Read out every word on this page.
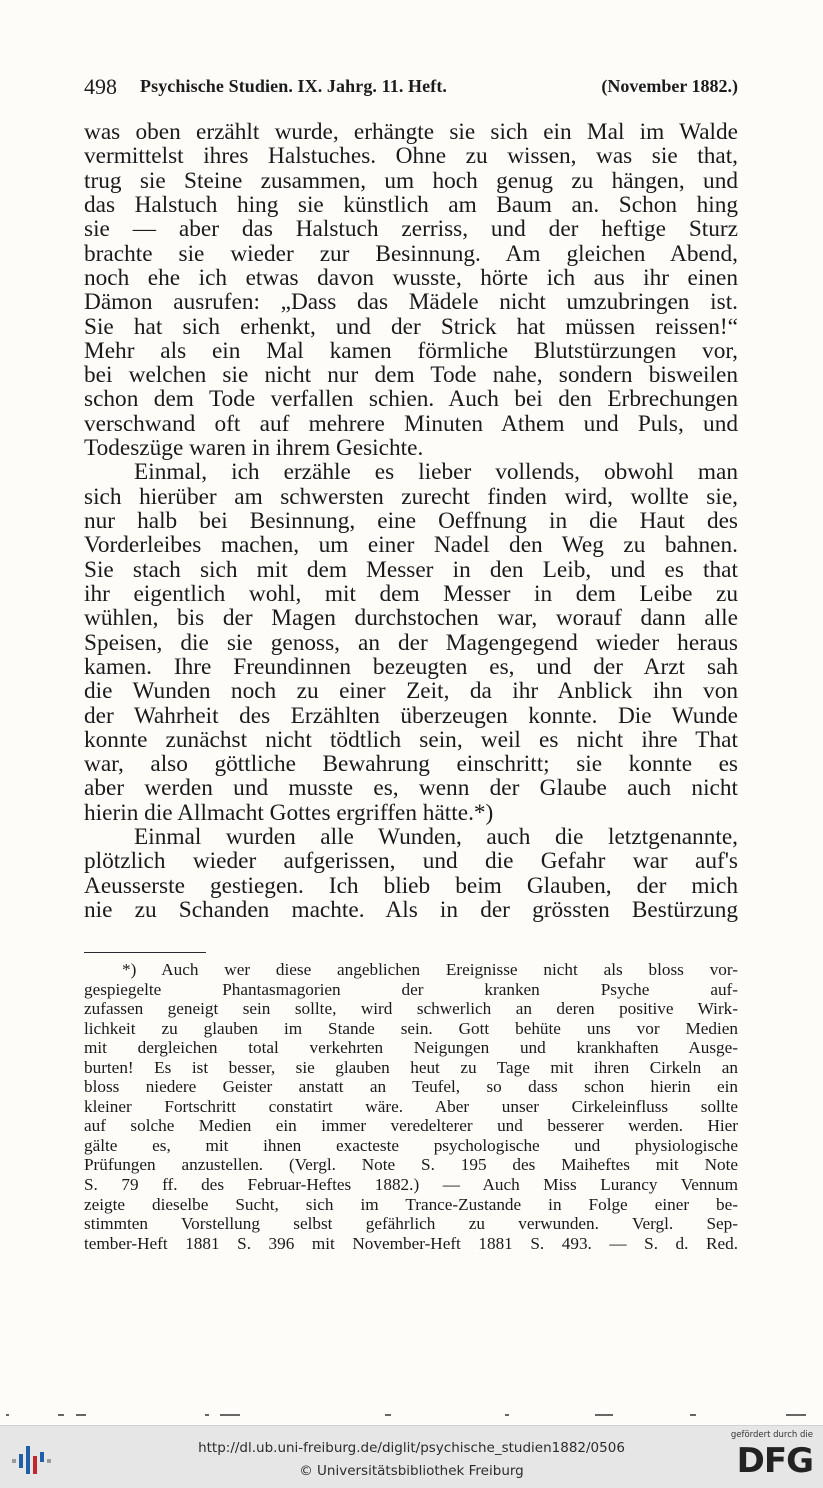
498 Psychische Studien. IX. Jahrg. 11. Heft.	(November 1882.)
was oben erzählt wurde, erhängte sie sich ein Mal im Walde
vermittelst ihres Halstuches. Ohne zu wissen, was sie that,
trug sie Steine zusammen, um hoch genug zu hängen, und
das Halstuch hing sie künstlich am Baum an. Schon hing
sie — aber das Halstuch zerriss, und der heftige Sturz
brachte sie wieder zur Besinnung. Am gleichen Abend,
noch ehe ich etwas davon wusste, hörte ich aus ihr einen
Dämon ausrufen: „Dass das Mädele nicht umzubringen ist.
Sie hat sich erhenkt, und der Strick hat müssen reissen!“
Mehr als ein Mal kamen förmliche Blutstürzungen vor,
bei welchen sie nicht nur dem Tode nahe, sondern bisweilen
schon dem Tode verfallen schien. Auch bei den Erbrechungen
verschwand oft auf mehrere Minuten Athem und Puls, und
Todeszüge waren in ihrem Gesichte.
Einmal, ich erzähle es lieber vollends, obwohl man
sich hierüber am schwersten zurecht finden wird, wollte sie,
nur halb bei Besinnung, eine Oeffnung in die Haut des
Vorderleibes machen, um einer Nadel den Weg zu bahnen.
Sie stach sich mit dem Messer in den Leib, und es that
ihr eigentlich wohl, mit dem Messer in dem Leibe zu
wühlen, bis der Magen durchstochen war, worauf dann alle
Speisen, die sie genoss, an der Magengegend wieder heraus
kamen. Ihre Freundinnen bezeugten es, und der Arzt sah
die Wunden noch zu einer Zeit, da ihr Anblick ihn von
der Wahrheit des Erzählten überzeugen konnte. Die Wunde
konnte zunächst nicht tödtlich sein, weil es nicht ihre That
war, also göttliche Bewahrung einschritt; sie konnte es
aber werden und musste es, wenn der Glaube auch nicht
hierin die Allmacht Gottes ergriffen hätte.*)
Einmal wurden alle Wunden, auch die letztgenannte,
plötzlich wieder aufgerissen, und die Gefahr war auf's
Aeusserste gestiegen. Ich blieb beim Glauben, der mich
nie zu Schanden machte. Als in der grössten Bestürzung
*) Auch wer diese angeblichen Ereignisse nicht als bloss vor-
gespiegelte Phantasmagorien der kranken Psyche auf-
zufassen geneigt sein sollte, wird schwerlich an deren positive Wirk-
lichkeit zu glauben im Stande sein. Gott behüte uns vor Medien
mit dergleichen total verkehrten Neigungen und krankhaften Ausge-
burten! Es ist besser, sie glauben heut zu Tage mit ihren Cirkeln an
bloss niedere Geister anstatt an Teufel, so dass schon hierin ein
kleiner Fortschritt constatirt wäre. Aber unser Cirkeleinfluss sollte
auf solche Medien ein immer veredelterer und besserer werden. Hier
gälte es, mit ihnen exacteste psychologische und physiologische
Prüfungen anzustellen. (Vergl. Note S. 195 des Maiheftes mit Note
S. 79 ff. des Februar-Heftes 1882.) — Auch Miss Lurancy Vennum
zeigte dieselbe Sucht, sich im Trance-Zustande in Folge einer be-
stimmten Vorstellung selbst gefährlich zu verwunden. Vergl. Sep-
tember-Heft 1881 S. 396 mit November-Heft 1881 S. 493. — S. d. Red.
http://dl.ub.uni-freiburg.de/diglit/psychische_studien1882/0506
© Universitätsbibliothek Freiburg
gefördert durch die
DFG
